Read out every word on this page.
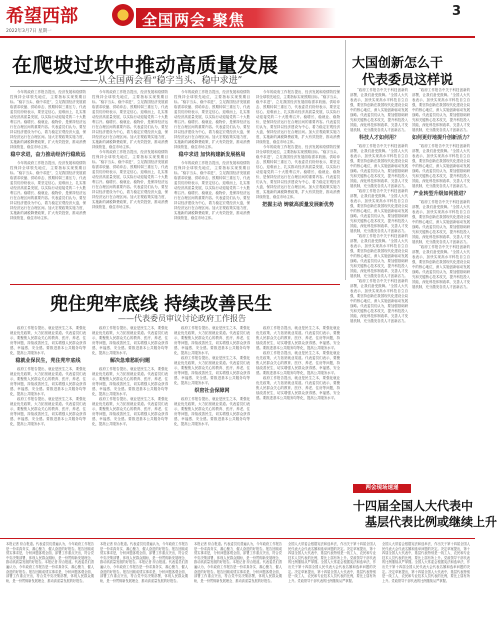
希望西部
2022年3月7日 星期一
全国两会·聚焦	3
在爬坡过坎中推动高质量发展
——从全国两会看“稳字当头、稳中求进”

今年的政府工作报告提出，经济发展和疫情防控保持全球领先地位，主要指标实现预期目标。“稳字当头、稳中求进”，立足我国经济发展面临需求收缩、供给冲击、预期转弱三重压力，代表委员们纷纷表示，要坚定信心、迎难而上，扎实推动经济高质量发展，以实际行动迎接党的二十大胜利召开。稳增长、稳就业、稳物价，是保持经济运行在合理区间的重要内容。代表委员们认为，要坚持以经济建设为中心，着力稳定宏观经济大盘，保持经济运行在合理区间。加大宏观政策实施力度，实施新的减税降费政策，扩大有效投资，推动消费持续恢复，稳住市场主体。

稳中求进，奋力推动经济行稳致远

今年的政府工作报告提出，经济发展和疫情防控保持全球领先地位，主要指标实现预期目标。“稳字当头、稳中求进”，立足我国经济发展面临需求收缩、供给冲击、预期转弱三重压力，代表委员们纷纷表示，要坚定信心、迎难而上，扎实推动经济高质量发展，以实际行动迎接党的二十大胜利召开。稳增长、稳就业、稳物价，是保持经济运行在合理区间的重要内容。代表委员们认为，要坚持以经济建设为中心，着力稳定宏观经济大盘，保持经济运行在合理区间。加大宏观政策实施力度，实施新的减税降费政策，扩大有效投资，推动消费持续恢复，稳住市场主体。

今年的政府工作报告提出，经济发展和疫情防控保持全球领先地位，主要指标实现预期目标。“稳字当头、稳中求进”，立足我国经济发展面临需求收缩、供给冲击、预期转弱三重压力，代表委员们纷纷表示，要坚定信心、迎难而上，扎实推动经济高质量发展，以实际行动迎接党的二十大胜利召开。稳增长、稳就业、稳物价，是保持经济运行在合理区间的重要内容。代表委员们认为，要坚持以经济建设为中心，着力稳定宏观经济大盘，保持经济运行在合理区间。加大宏观政策实施力度，实施新的减税降费政策，扩大有效投资，推动消费持续恢复，稳住市场主体。

今年的政府工作报告提出，经济发展和疫情防控保持全球领先地位，主要指标实现预期目标。“稳字当头、稳中求进”，立足我国经济发展面临需求收缩、供给冲击、预期转弱三重压力，代表委员们纷纷表示，要坚定信心、迎难而上，扎实推动经济高质量发展，以实际行动迎接党的二十大胜利召开。稳增长、稳就业、稳物价，是保持经济运行在合理区间的重要内容。代表委员们认为，要坚持以经济建设为中心，着力稳定宏观经济大盘，保持经济运行在合理区间。加大宏观政策实施力度，实施新的减税降费政策，扩大有效投资，推动消费持续恢复，稳住市场主体。

今年的政府工作报告提出，经济发展和疫情防控保持全球领先地位，主要指标实现预期目标。“稳字当头、稳中求进”，立足我国经济发展面临需求收缩、供给冲击、预期转弱三重压力，代表委员们纷纷表示，要坚定信心、迎难而上，扎实推动经济高质量发展，以实际行动迎接党的二十大胜利召开。稳增长、稳就业、稳物价，是保持经济运行在合理区间的重要内容。代表委员们认为，要坚持以经济建设为中心，着力稳定宏观经济大盘，保持经济运行在合理区间。加大宏观政策实施力度，实施新的减税降费政策，扩大有效投资，推动消费持续恢复，稳住市场主体。

稳中求进 加快构建新发展格局

今年的政府工作报告提出，经济发展和疫情防控保持全球领先地位，主要指标实现预期目标。“稳字当头、稳中求进”，立足我国经济发展面临需求收缩、供给冲击、预期转弱三重压力，代表委员们纷纷表示，要坚定信心、迎难而上，扎实推动经济高质量发展，以实际行动迎接党的二十大胜利召开。稳增长、稳就业、稳物价，是保持经济运行在合理区间的重要内容。代表委员们认为，要坚持以经济建设为中心，着力稳定宏观经济大盘，保持经济运行在合理区间。加大宏观政策实施力度，实施新的减税降费政策，扩大有效投资，推动消费持续恢复，稳住市场主体。

今年的政府工作报告提出，经济发展和疫情防控保持全球领先地位，主要指标实现预期目标。“稳字当头、稳中求进”，立足我国经济发展面临需求收缩、供给冲击、预期转弱三重压力，代表委员们纷纷表示，要坚定信心、迎难而上，扎实推动经济高质量发展，以实际行动迎接党的二十大胜利召开。稳增长、稳就业、稳物价，是保持经济运行在合理区间的重要内容。代表委员们认为，要坚持以经济建设为中心，着力稳定宏观经济大盘，保持经济运行在合理区间。加大宏观政策实施力度，实施新的减税降费政策，扩大有效投资，推动消费持续恢复，稳住市场主体。

今年的政府工作报告提出，经济发展和疫情防控保持全球领先地位，主要指标实现预期目标。“稳字当头、稳中求进”，立足我国经济发展面临需求收缩、供给冲击、预期转弱三重压力，代表委员们纷纷表示，要坚定信心、迎难而上，扎实推动经济高质量发展，以实际行动迎接党的二十大胜利召开。稳增长、稳就业、稳物价，是保持经济运行在合理区间的重要内容。代表委员们认为，要坚持以经济建设为中心，着力稳定宏观经济大盘，保持经济运行在合理区间。加大宏观政策实施力度，实施新的减税降费政策，扩大有效投资，推动消费持续恢复，稳住市场主体。

把握主动 铸就高质量发展新优势
大国创新怎么干
代表委员这样说

“政府工作报告中关于科技创新的部署，让我们备受鼓舞。”全国人大代表表示，加快实现高水平科技自立自强，要坚持创新在我国现代化建设全局中的核心地位，深入实施创新驱动发展战略。代表委员们认为，要加强基础研究和关键核心技术攻关，提升科技投入效能，深化科技体制改革，完善人才发展机制，充分激发各类人才创新活力。

科技人才如何用？

“政府工作报告中关于科技创新的部署，让我们备受鼓舞。”全国人大代表表示，加快实现高水平科技自立自强，要坚持创新在我国现代化建设全局中的核心地位，深入实施创新驱动发展战略。代表委员们认为，要加强基础研究和关键核心技术攻关，提升科技投入效能，深化科技体制改革，完善人才发展机制，充分激发各类人才创新活力。

“政府工作报告中关于科技创新的部署，让我们备受鼓舞。”全国人大代表表示，加快实现高水平科技自立自强，要坚持创新在我国现代化建设全局中的核心地位，深入实施创新驱动发展战略。代表委员们认为，要加强基础研究和关键核心技术攻关，提升科技投入效能，深化科技体制改革，完善人才发展机制，充分激发各类人才创新活力。

“政府工作报告中关于科技创新的部署，让我们备受鼓舞。”全国人大代表表示，加快实现高水平科技自立自强，要坚持创新在我国现代化建设全局中的核心地位，深入实施创新驱动发展战略。代表委员们认为，要加强基础研究和关键核心技术攻关，提升科技投入效能，深化科技体制改革，完善人才发展机制，充分激发各类人才创新活力。

“政府工作报告中关于科技创新的部署，让我们备受鼓舞。”全国人大代表表示，加快实现高水平科技自立自强，要坚持创新在我国现代化建设全局中的核心地位，深入实施创新驱动发展战略。代表委员们认为，要加强基础研究和关键核心技术攻关，提升科技投入效能，深化科技体制改革，完善人才发展机制，充分激发各类人才创新活力。

“政府工作报告中关于科技创新的部署，让我们备受鼓舞。”全国人大代表表示，加快实现高水平科技自立自强，要坚持创新在我国现代化建设全局中的核心地位，深入实施创新驱动发展战略。代表委员们认为，要加强基础研究和关键核心技术攻关，提升科技投入效能，深化科技体制改革，完善人才发展机制，充分激发各类人才创新活力。

如何更好地提升创新活力？

“政府工作报告中关于科技创新的部署，让我们备受鼓舞。”全国人大代表表示，加快实现高水平科技自立自强，要坚持创新在我国现代化建设全局中的核心地位，深入实施创新驱动发展战略。代表委员们认为，要加强基础研究和关键核心技术攻关，提升科技投入效能，深化科技体制改革，完善人才发展机制，充分激发各类人才创新活力。

产业转型升级如何推进？

“政府工作报告中关于科技创新的部署，让我们备受鼓舞。”全国人大代表表示，加快实现高水平科技自立自强，要坚持创新在我国现代化建设全局中的核心地位，深入实施创新驱动发展战略。代表委员们认为，要加强基础研究和关键核心技术攻关，提升科技投入效能，深化科技体制改革，完善人才发展机制，充分激发各类人才创新活力。

“政府工作报告中关于科技创新的部署，让我们备受鼓舞。”全国人大代表表示，加快实现高水平科技自立自强，要坚持创新在我国现代化建设全局中的核心地位，深入实施创新驱动发展战略。代表委员们认为，要加强基础研究和关键核心技术攻关，提升科技投入效能，深化科技体制改革，完善人才发展机制，充分激发各类人才创新活力。

兜住兜牢底线 持续改善民生
——代表委员审议讨论政府工作报告

政府工作报告提出，就业是民生之本，要强化就业优先政策，大力拓宽就业渠道。代表委员们表示，要聚焦人民群众关心的教育、医疗、养老、住房等问题，持续改善民生，切实增强人民群众获得感、幸福感、安全感。要推进基本公共服务均等化，提高公共服务水平。

稳就业保民生，兜住兜牢底线

政府工作报告提出，就业是民生之本，要强化就业优先政策，大力拓宽就业渠道。代表委员们表示，要聚焦人民群众关心的教育、医疗、养老、住房等问题，持续改善民生，切实增强人民群众获得感、幸福感、安全感。要推进基本公共服务均等化，提高公共服务水平。

政府工作报告提出，就业是民生之本，要强化就业优先政策，大力拓宽就业渠道。代表委员们表示，要聚焦人民群众关心的教育、医疗、养老、住房等问题，持续改善民生，切实增强人民群众获得感、幸福感、安全感。要推进基本公共服务均等化，提高公共服务水平。

政府工作报告提出，就业是民生之本，要强化就业优先政策，大力拓宽就业渠道。代表委员们表示，要聚焦人民群众关心的教育、医疗、养老、住房等问题，持续改善民生，切实增强人民群众获得感、幸福感、安全感。要推进基本公共服务均等化，提高公共服务水平。

解决急难愁盼问题

政府工作报告提出，就业是民生之本，要强化就业优先政策，大力拓宽就业渠道。代表委员们表示，要聚焦人民群众关心的教育、医疗、养老、住房等问题，持续改善民生，切实增强人民群众获得感、幸福感、安全感。要推进基本公共服务均等化，提高公共服务水平。

政府工作报告提出，就业是民生之本，要强化就业优先政策，大力拓宽就业渠道。代表委员们表示，要聚焦人民群众关心的教育、医疗、养老、住房等问题，持续改善民生，切实增强人民群众获得感、幸福感、安全感。要推进基本公共服务均等化，提高公共服务水平。

政府工作报告提出，就业是民生之本，要强化就业优先政策，大力拓宽就业渠道。代表委员们表示，要聚焦人民群众关心的教育、医疗、养老、住房等问题，持续改善民生，切实增强人民群众获得感、幸福感、安全感。要推进基本公共服务均等化，提高公共服务水平。

政府工作报告提出，就业是民生之本，要强化就业优先政策，大力拓宽就业渠道。代表委员们表示，要聚焦人民群众关心的教育、医疗、养老、住房等问题，持续改善民生，切实增强人民群众获得感、幸福感、安全感。要推进基本公共服务均等化，提高公共服务水平。

织密社会保障网

政府工作报告提出，就业是民生之本，要强化就业优先政策，大力拓宽就业渠道。代表委员们表示，要聚焦人民群众关心的教育、医疗、养老、住房等问题，持续改善民生，切实增强人民群众获得感、幸福感、安全感。要推进基本公共服务均等化，提高公共服务水平。

政府工作报告提出，就业是民生之本，要强化就业优先政策，大力拓宽就业渠道。代表委员们表示，要聚焦人民群众关心的教育、医疗、养老、住房等问题，持续改善民生，切实增强人民群众获得感、幸福感、安全感。要推进基本公共服务均等化，提高公共服务水平。

政府工作报告提出，就业是民生之本，要强化就业优先政策，大力拓宽就业渠道。代表委员们表示，要聚焦人民群众关心的教育、医疗、养老、住房等问题，持续改善民生，切实增强人民群众获得感、幸福感、安全感。要推进基本公共服务均等化，提高公共服务水平。

政府工作报告提出，就业是民生之本，要强化就业优先政策，大力拓宽就业渠道。代表委员们表示，要聚焦人民群众关心的教育、医疗、养老、住房等问题，持续改善民生，切实增强人民群众获得感、幸福感、安全感。要推进基本公共服务均等化，提高公共服务水平。

两会现场速递
十四届全国人大代表中
基层代表比例或继续上升
本报记者 综合报道。代表委员们普遍认为，今年政府工作报告是一份求真务实、凝心聚力、催人奋进的好报告。报告回顾成绩实事求是，分析问题客观全面，部署工作重点突出，符合党中央决策部署，体现人民群众期盼，是一份贯彻新发展理念、推动高质量发展的好报告。本报记者 综合报道。代表委员们普遍认为，今年政府工作报告是一份求真务实、凝心聚力、催人奋进的好报告。报告回顾成绩实事求是，分析问题客观全面，部署工作重点突出，符合党中央决策部署，体现人民群众期盼，是一份贯彻新发展理念、推动高质量发展的好报告。
本报记者 综合报道。代表委员们普遍认为，今年政府工作报告是一份求真务实、凝心聚力、催人奋进的好报告。报告回顾成绩实事求是，分析问题客观全面，部署工作重点突出，符合党中央决策部署，体现人民群众期盼，是一份贯彻新发展理念、推动高质量发展的好报告。本报记者 综合报道。代表委员们普遍认为，今年政府工作报告是一份求真务实、凝心聚力、催人奋进的好报告。报告回顾成绩实事求是，分析问题客观全面，部署工作重点突出，符合党中央决策部署，体现人民群众期盼，是一份贯彻新发展理念、推动高质量发展的好报告。
本报记者 综合报道。代表委员们普遍认为，今年政府工作报告是一份求真务实、凝心聚力、催人奋进的好报告。报告回顾成绩实事求是，分析问题客观全面，部署工作重点突出，符合党中央决策部署，体现人民群众期盼，是一份贯彻新发展理念、推动高质量发展的好报告。本报记者 综合报道。代表委员们普遍认为，今年政府工作报告是一份求真务实、凝心聚力、催人奋进的好报告。报告回顾成绩实事求是，分析问题客观全面，部署工作重点突出，符合党中央决策部署，体现人民群众期盼，是一份贯彻新发展理念、推动高质量发展的好报告。
全国人大常委会根据宪法和选举法，作出关于第十四届全国人民代表大会代表名额和选举问题的决定。决定草案提出，第十四届全国人大代表中，基层代表特别是一线工人、农民和专业技术人员代表的比例，要比上届有所上升。党政领导干部代表的比例继续从严掌握。全国人大常委会根据宪法和选举法，作出关于第十四届全国人民代表大会代表名额和选举问题的决定。决定草案提出，第十四届全国人大代表中，基层代表特别是一线工人、农民和专业技术人员代表的比例，要比上届有所上升。党政领导干部代表的比例继续从严掌握。
全国人大常委会根据宪法和选举法，作出关于第十四届全国人民代表大会代表名额和选举问题的决定。决定草案提出，第十四届全国人大代表中，基层代表特别是一线工人、农民和专业技术人员代表的比例，要比上届有所上升。党政领导干部代表的比例继续从严掌握。全国人大常委会根据宪法和选举法，作出关于第十四届全国人民代表大会代表名额和选举问题的决定。决定草案提出，第十四届全国人大代表中，基层代表特别是一线工人、农民和专业技术人员代表的比例，要比上届有所上升。党政领导干部代表的比例继续从严掌握。
